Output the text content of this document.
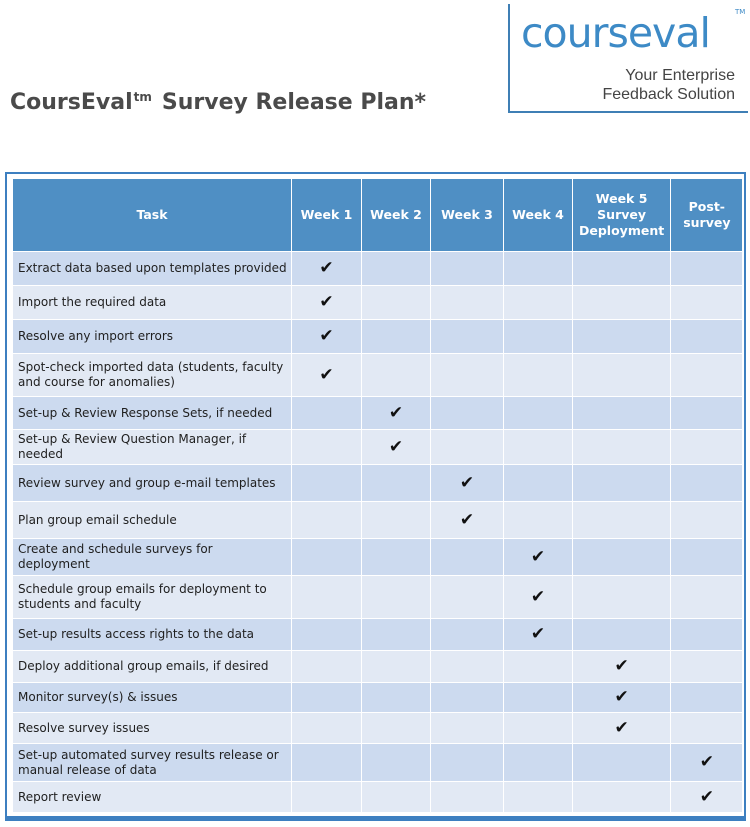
courseval	TM
Your Enterprise
Feedback Solution
CoursEval$^{tm}$ Survey Release Plan*
Task	Week 1	Week 2	Week 3	Week 4	Week 5 Survey Deployment	Post-survey
Extract data based upon templates provided	✔					
Import the required data	✔					
Resolve any import errors	✔					
Spot-check imported data (students, faculty and course for anomalies)	✔					
Set-up & Review Response Sets, if needed		✔				
Set-up & Review Question Manager, if needed		✔				
Review survey and group e-mail templates			✔			
Plan group email schedule			✔			
Create and schedule surveys for deployment				✔		
Schedule group emails for deployment to students and faculty				✔		
Set-up results access rights to the data				✔		
Deploy additional group emails, if desired					✔	
Monitor survey(s) & issues					✔	
Resolve survey issues					✔	
Set-up automated survey results release or manual release of data						✔
Report review						✔
